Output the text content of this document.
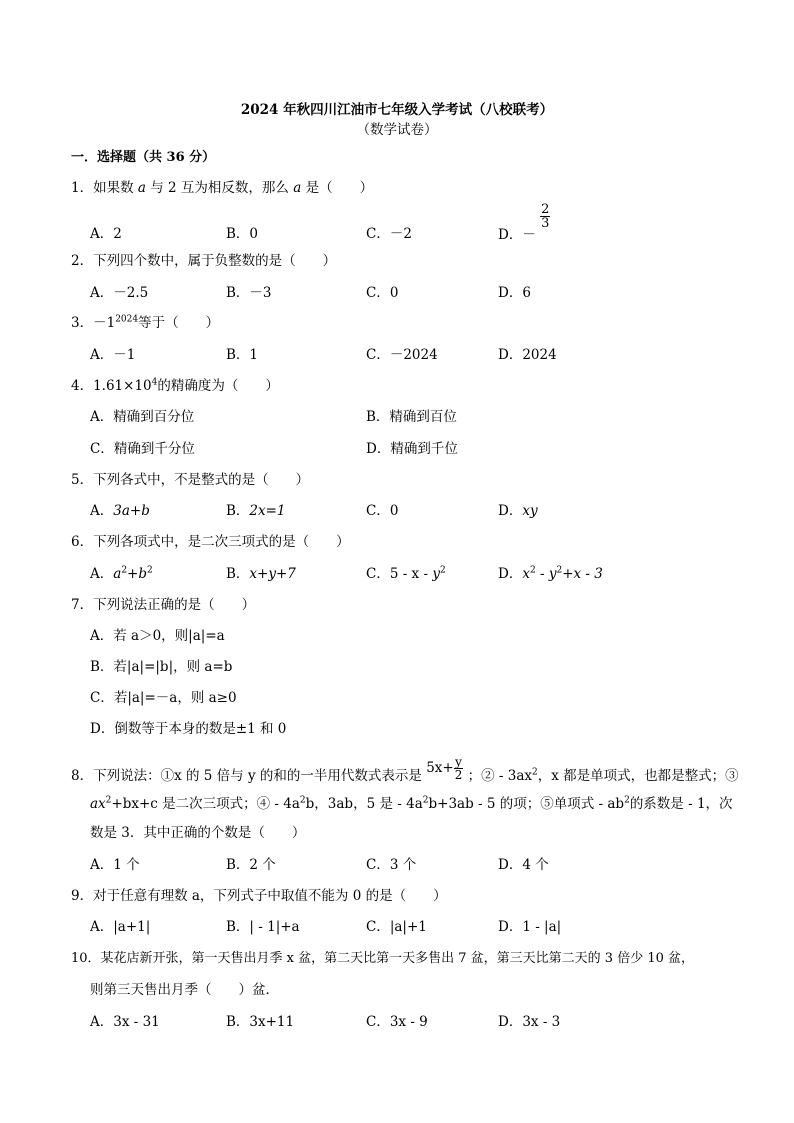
2024 年秋四川江油市七年级入学考试（八校联考）
（数学试卷）
一．选择题（共 36 分）
1．如果数 a 与 2 互为相反数，那么 a 是（　　）
A．2	B．0	C．－2	D．－
$\frac{2}{3}$
2．下列四个数中，属于负整数的是（　　）
A．－2.5	B．－3	C．0	D．6
3．$-1^{2024}$等于（　　）
A．－1	B．1	C．－2024	D．2024
4．$1.61\times 10^4$的精确度为（　　）
A．精确到百分位	B．精确到百位
C．精确到千分位	D．精确到千位
5．下列各式中，不是整式的是（　　）
A．3a+b	B．2x=1	C．0	D．xy
6．下列各项式中，是二次三项式的是（　　）
A．$a^2+b^2$	B．x+y+7	C．5 - x - $y^2$	D．$x^2 - y^2+x - 3$
7．下列说法正确的是（　　）
A．若 a＞0，则|a|=a
B．若|a|=|b|，则 a=b
C．若|a|=－a，则 a≥0
D．倒数等于本身的数是±1 和 0
8．下列说法：①x 的 5 倍与 y 的和的一半用代数式表示是 $5x+ \frac{y}{2}$ ；② - $3ax^2$，x 都是单项式，也都是整式；③
$ax^2+bx+c$ 是二次三项式；④ - $4a^2b$，3ab，5 是 - $4a^2b+3ab - 5$ 的项；⑤单项式 - $ab^2$的系数是 - 1，次
数是 3．其中正确的个数是（　　）
A．1 个	B．2 个	C．3 个	D．4 个
9．对于任意有理数 a，下列式子中取值不能为 0 的是（　　）
A．|a+1|	B．| - 1|+a	C．|a|+1	D．1 - |a|
10．某花店新开张，第一天售出月季 x 盆，第二天比第一天多售出 7 盆，第三天比第二天的 3 倍少 10 盆，
则第三天售出月季（　　）盆．
A．3x - 31	B．3x+11	C．3x - 9	D．3x - 3
